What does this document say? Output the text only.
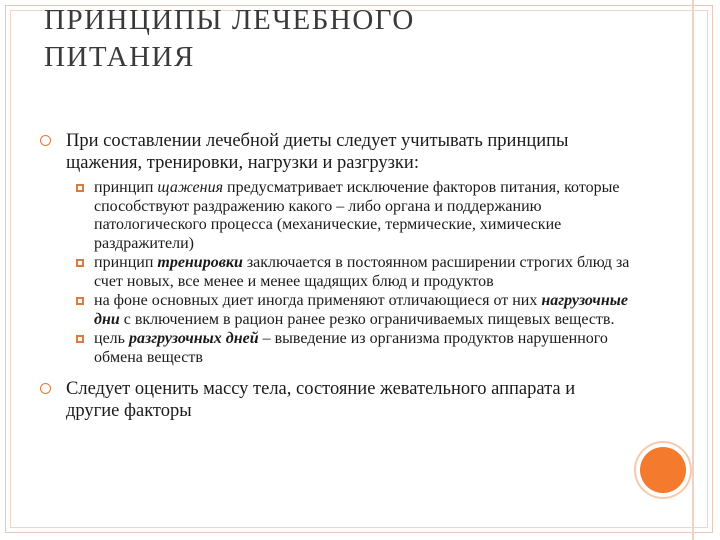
ПРИНЦИПЫ ЛЕЧЕБНОГО
ПИТАНИЯ
При составлении лечебной диеты следует учитывать принципы щажения, тренировки, нагрузки и разгрузки:
принцип щажения предусматривает исключение факторов питания, которые способствуют раздражению какого – либо органа и поддержанию патологического процесса (механические, термические, химические раздражители)
принцип тренировки заключается в постоянном расширении строгих блюд за счет новых, все менее и менее щадящих блюд и продуктов
на фоне основных диет иногда применяют отличающиеся от них нагрузочные дни с включением в рацион ранее резко ограничиваемых пищевых веществ.
цель разгрузочных дней – выведение из организма продуктов нарушенного обмена веществ
Следует оценить массу тела, состояние жевательного аппарата и другие факторы
